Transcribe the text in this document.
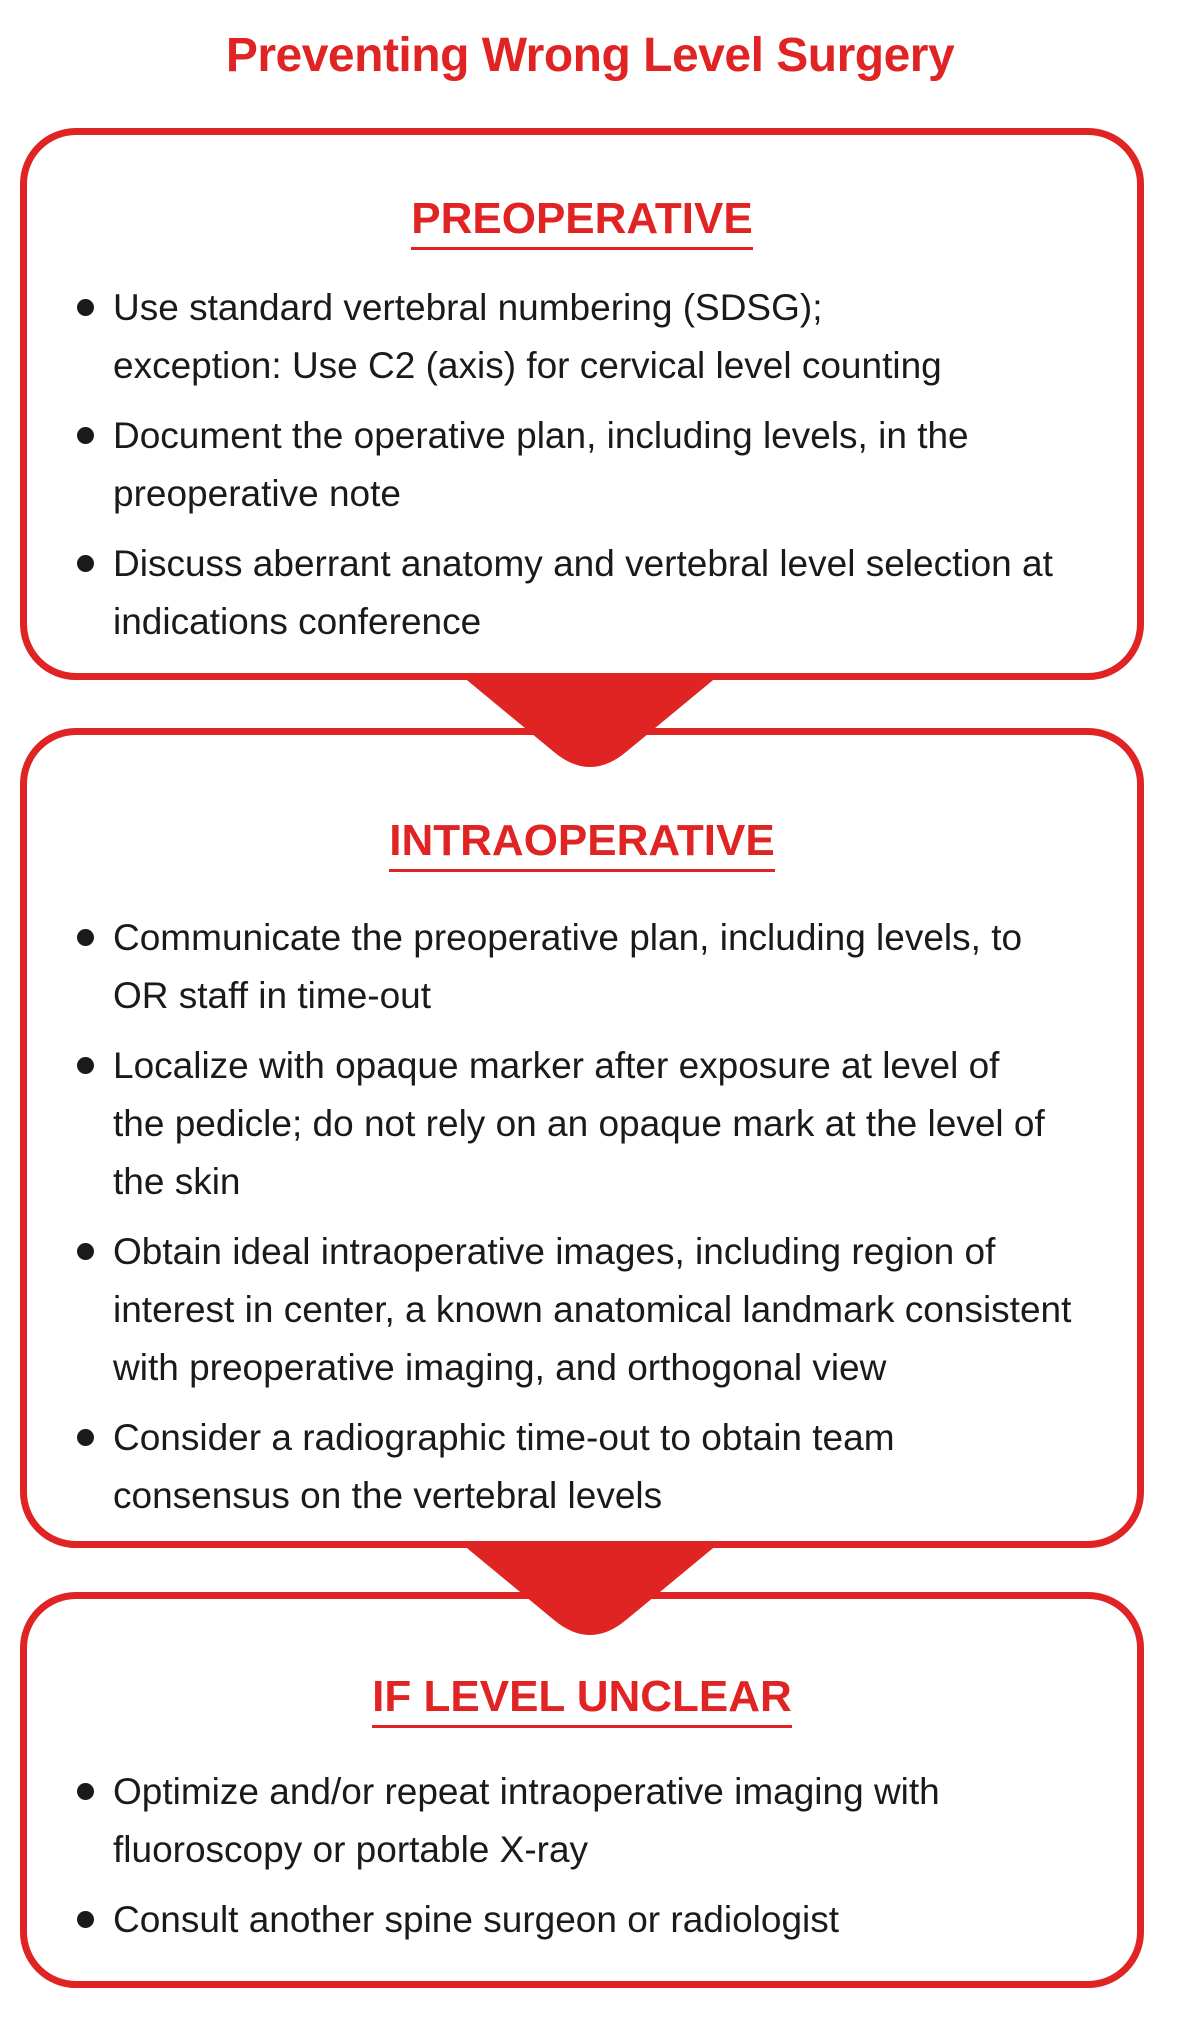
Preventing Wrong Level Surgery
PREOPERATIVE
Use standard vertebral numbering (SDSG);
exception: Use C2 (axis) for cervical level counting
Document the operative plan, including levels, in the
preoperative note
Discuss aberrant anatomy and vertebral level selection at
indications conference
INTRAOPERATIVE
Communicate the preoperative plan, including levels, to
OR staff in time-out
Localize with opaque marker after exposure at level of
the pedicle; do not rely on an opaque mark at the level of
the skin
Obtain ideal intraoperative images, including region of
interest in center, a known anatomical landmark consistent
with preoperative imaging, and orthogonal view
Consider a radiographic time-out to obtain team
consensus on the vertebral levels
IF LEVEL UNCLEAR
Optimize and/or repeat intraoperative imaging with
fluoroscopy or portable X-ray
Consult another spine surgeon or radiologist
